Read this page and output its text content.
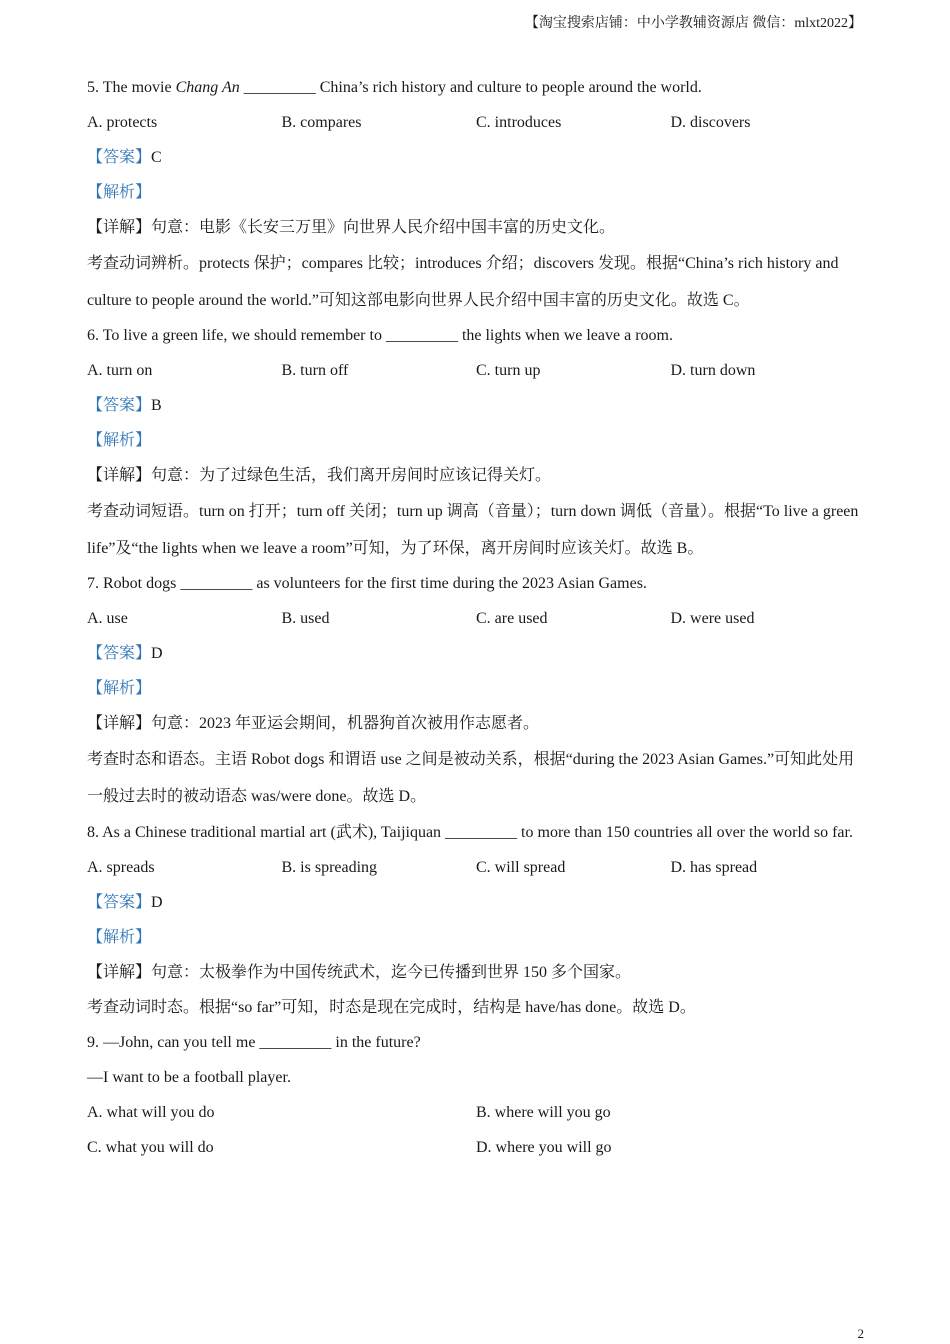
【淘宝搜索店铺：中小学教辅资源店 微信：mlxt2022】
5. The movie Chang An _________ China’s rich history and culture to people around the world.
A. protects	B. compares	C. introduces	D. discovers
【答案】C
【解析】
【详解】句意：电影《长安三万里》向世界人民介绍中国丰富的历史文化。
考查动词辨析。protects 保护；compares 比较；introduces 介绍；discovers 发现。根据“China’s rich history and culture to people around the world.”可知这部电影向世界人民介绍中国丰富的历史文化。故选 C。
6. To live a green life, we should remember to _________ the lights when we leave a room.
A. turn on	B. turn off	C. turn up	D. turn down
【答案】B
【解析】
【详解】句意：为了过绿色生活，我们离开房间时应该记得关灯。
考查动词短语。turn on 打开；turn off 关闭；turn up 调高（音量）；turn down 调低（音量）。根据“To live a green life”及“the lights when we leave a room”可知，为了环保，离开房间时应该关灯。故选 B。
7. Robot dogs _________ as volunteers for the first time during the 2023 Asian Games.
A. use	B. used	C. are used	D. were used
【答案】D
【解析】
【详解】句意：2023 年亚运会期间，机器狗首次被用作志愿者。
考查时态和语态。主语 Robot dogs 和谓语 use 之间是被动关系，根据“during the 2023 Asian Games.”可知此处用一般过去时的被动语态 was/were done。故选 D。
8. As a Chinese traditional martial art (武术), Taijiquan _________ to more than 150 countries all over the world so far.
A. spreads	B. is spreading	C. will spread	D. has spread
【答案】D
【解析】
【详解】句意：太极拳作为中国传统武术，迄今已传播到世界 150 多个国家。
考查动词时态。根据“so far”可知，时态是现在完成时，结构是 have/has done。故选 D。
9. —John, can you tell me _________ in the future?
—I want to be a football player.
A. what will you do	B. where will you go
C. what you will do	D. where you will go
2
